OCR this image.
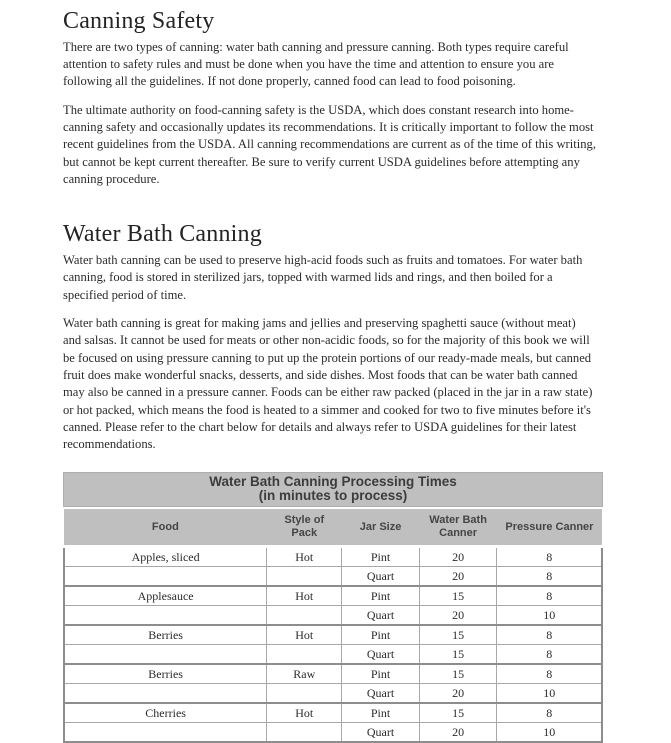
Canning Safety

There are two types of canning: water bath canning and pressure canning. Both types require careful attention to safety rules and must be done when you have the time and attention to ensure you are following all the guidelines. If not done properly, canned food can lead to food poisoning.

The ultimate authority on food-canning safety is the USDA, which does constant research into home-canning safety and occasionally updates its recommendations. It is critically important to follow the most recent guidelines from the USDA. All canning recommendations are current as of the time of this writing, but cannot be kept current thereafter. Be sure to verify current USDA guidelines before attempting any canning procedure.

Water Bath Canning

Water bath canning can be used to preserve high-acid foods such as fruits and tomatoes. For water bath canning, food is stored in sterilized jars, topped with warmed lids and rings, and then boiled for a specified period of time.

Water bath canning is great for making jams and jellies and preserving spaghetti sauce (without meat) and salsas. It cannot be used for meats or other non-acidic foods, so for the majority of this book we will be focused on using pressure canning to put up the protein portions of our ready-made meals, but canned fruit does make wonderful snacks, desserts, and side dishes. Most foods that can be water bath canned may also be canned in a pressure canner. Foods can be either raw packed (placed in the jar in a raw state) or hot packed, which means the food is heated to a simmer and cooked for two to five minutes before it's canned. Please refer to the chart below for details and always refer to USDA guidelines for their latest recommendations.

Water Bath Canning Processing Times
(in minutes to process)
Food	Style of Pack	Jar Size	Water Bath Canner	Pressure Canner
Apples, sliced	Hot	Pint	20	8
		Quart	20	8
Applesauce	Hot	Pint	15	8
		Quart	20	10
Berries	Hot	Pint	15	8
		Quart	15	8
Berries	Raw	Pint	15	8
		Quart	20	10
Cherries	Hot	Pint	15	8
		Quart	20	10
